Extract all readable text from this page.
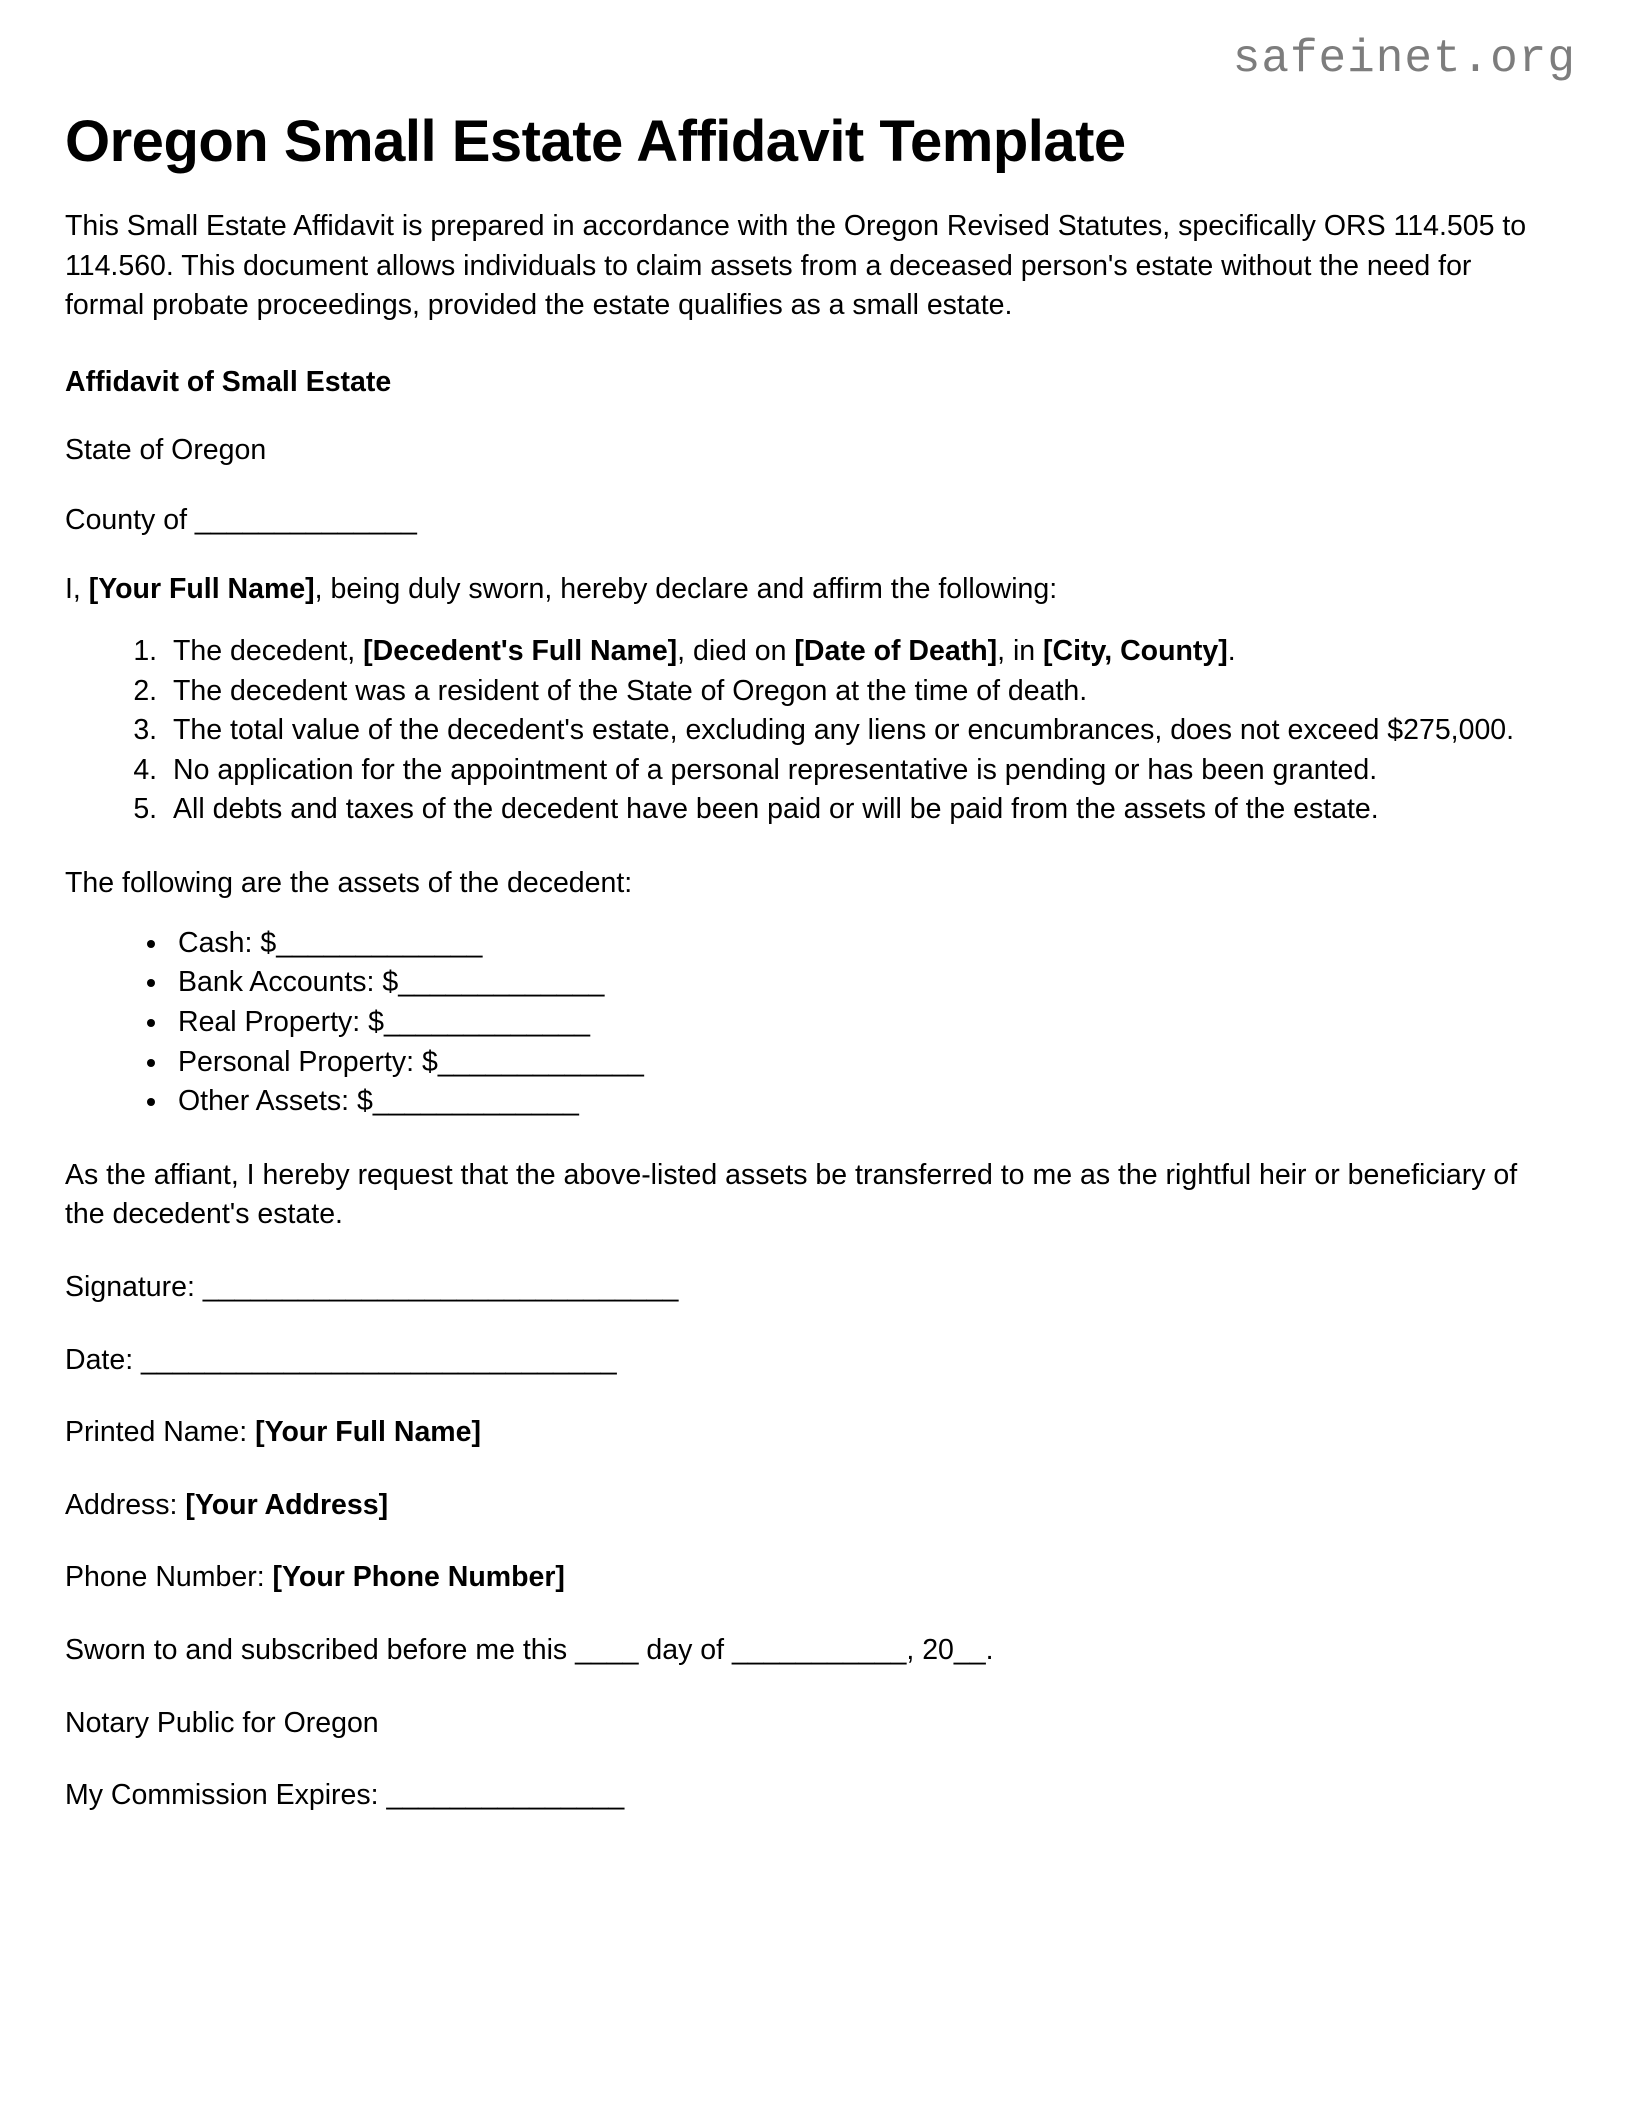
safeinet.org
Oregon Small Estate Affidavit Template

This Small Estate Affidavit is prepared in accordance with the Oregon Revised Statutes, specifically ORS 114.505 to 114.560. This document allows individuals to claim assets from a deceased person's estate without the need for formal probate proceedings, provided the estate qualifies as a small estate.

Affidavit of Small Estate

State of Oregon

County of ______________

I, [Your Full Name], being duly sworn, hereby declare and affirm the following:

1. The decedent, [Decedent's Full Name], died on [Date of Death], in [City, County].
2. The decedent was a resident of the State of Oregon at the time of death.
3. The total value of the decedent's estate, excluding any liens or encumbrances, does not exceed $275,000.
4. No application for the appointment of a personal representative is pending or has been granted.
5. All debts and taxes of the decedent have been paid or will be paid from the assets of the estate.

The following are the assets of the decedent:

• Cash: $_____________
• Bank Accounts: $_____________
• Real Property: $_____________
• Personal Property: $_____________
• Other Assets: $_____________

As the affiant, I hereby request that the above-listed assets be transferred to me as the rightful heir or beneficiary of the decedent's estate.

Signature: ______________________________

Date: ______________________________

Printed Name: [Your Full Name]

Address: [Your Address]

Phone Number: [Your Phone Number]

Sworn to and subscribed before me this ____ day of ___________, 20__.

Notary Public for Oregon

My Commission Expires: _______________
